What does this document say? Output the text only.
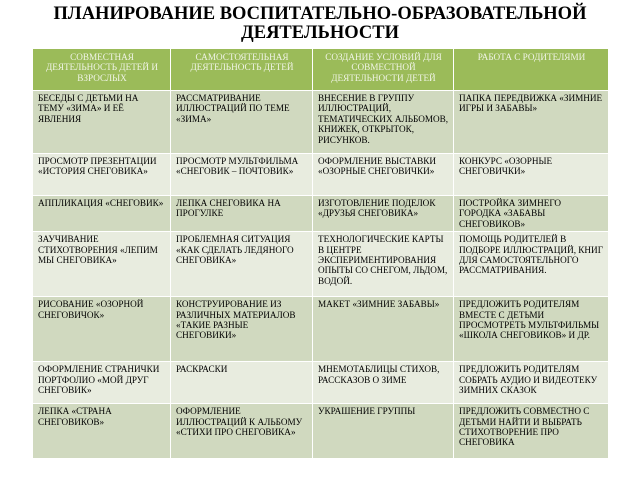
ПЛАНИРОВАНИЕ ВОСПИТАТЕЛЬНО-ОБРАЗОВАТЕЛЬНОЙ
ДЕЯТЕЛЬНОСТИ
СОВМЕСТНАЯ ДЕЯТЕЛЬНОСТЬ ДЕТЕЙ И ВЗРОСЛЫХ	САМОСТОЯТЕЛЬНАЯ ДЕЯТЕЛЬНОСТЬ ДЕТЕЙ	СОЗДАНИЕ УСЛОВИЙ ДЛЯ СОВМЕСТНОЙ ДЕЯТЕЛЬНОСТИ ДЕТЕЙ	РАБОТА С РОДИТЕЛЯМИ
БЕСЕДЫ С ДЕТЬМИ НА ТЕМУ «ЗИМА» И ЕЁ ЯВЛЕНИЯ	РАССМАТРИВАНИЕ ИЛЛЮСТРАЦИЙ ПО ТЕМЕ «ЗИМА»	ВНЕСЕНИЕ В ГРУППУ ИЛЛЮСТРАЦИЙ, ТЕМАТИЧЕСКИХ АЛЬБОМОВ, КНИЖЕК, ОТКРЫТОК, РИСУНКОВ.	ПАПКА ПЕРЕДВИЖКА «ЗИМНИЕ ИГРЫ И ЗАБАВЫ»
ПРОСМОТР ПРЕЗЕНТАЦИИ «ИСТОРИЯ СНЕГОВИКА»	ПРОСМОТР МУЛЬТФИЛЬМА «СНЕГОВИК – ПОЧТОВИК»	ОФОРМЛЕНИЕ ВЫСТАВКИ «ОЗОРНЫЕ СНЕГОВИЧКИ»	КОНКУРС «ОЗОРНЫЕ СНЕГОВИЧКИ»
АППЛИКАЦИЯ «СНЕГОВИК»	ЛЕПКА СНЕГОВИКА НА ПРОГУЛКЕ	ИЗГОТОВЛЕНИЕ ПОДЕЛОК «ДРУЗЬЯ СНЕГОВИКА»	ПОСТРОЙКА ЗИМНЕГО ГОРОДКА «ЗАБАВЫ СНЕГОВИКОВ»
ЗАУЧИВАНИЕ СТИХОТВОРЕНИЯ «ЛЕПИМ МЫ СНЕГОВИКА»	ПРОБЛЕМНАЯ СИТУАЦИЯ «КАК СДЕЛАТЬ ЛЕДЯНОГО СНЕГОВИКА»	ТЕХНОЛОГИЧЕСКИЕ КАРТЫ В ЦЕНТРЕ ЭКСПЕРИМЕНТИРОВАНИЯ ОПЫТЫ СО СНЕГОМ, ЛЬДОМ, ВОДОЙ.	ПОМОЩЬ РОДИТЕЛЕЙ В ПОДБОРЕ ИЛЛЮСТРАЦИЙ, КНИГ ДЛЯ САМОСТОЯТЕЛЬНОГО РАССМАТРИВАНИЯ.
РИСОВАНИЕ «ОЗОРНОЙ СНЕГОВИЧОК»	КОНСТРУИРОВАНИЕ ИЗ РАЗЛИЧНЫХ МАТЕРИАЛОВ «ТАКИЕ РАЗНЫЕ СНЕГОВИКИ»	МАКЕТ «ЗИМНИЕ ЗАБАВЫ»	ПРЕДЛОЖИТЬ РОДИТЕЛЯМ ВМЕСТЕ С ДЕТЬМИ ПРОСМОТРЕТЬ МУЛЬТФИЛЬМЫ «ШКОЛА СНЕГОВИКОВ» И ДР.
ОФОРМЛЕНИЕ СТРАНИЧКИ ПОРТФОЛИО «МОЙ ДРУГ СНЕГОВИК»	РАСКРАСКИ	МНЕМОТАБЛИЦЫ СТИХОВ, РАССКАЗОВ О ЗИМЕ	ПРЕДЛОЖИТЬ РОДИТЕЛЯМ СОБРАТЬ АУДИО И ВИДЕОТЕКУ ЗИМНИХ СКАЗОК
ЛЕПКА «СТРАНА СНЕГОВИКОВ»	ОФОРМЛЕНИЕ ИЛЛЮСТРАЦИЙ К АЛЬБОМУ «СТИХИ ПРО СНЕГОВИКА»	УКРАШЕНИЕ ГРУППЫ	ПРЕДЛОЖИТЬ СОВМЕСТНО С ДЕТЬМИ НАЙТИ И ВЫБРАТЬ СТИХОТВОРЕНИЕ ПРО СНЕГОВИКА
